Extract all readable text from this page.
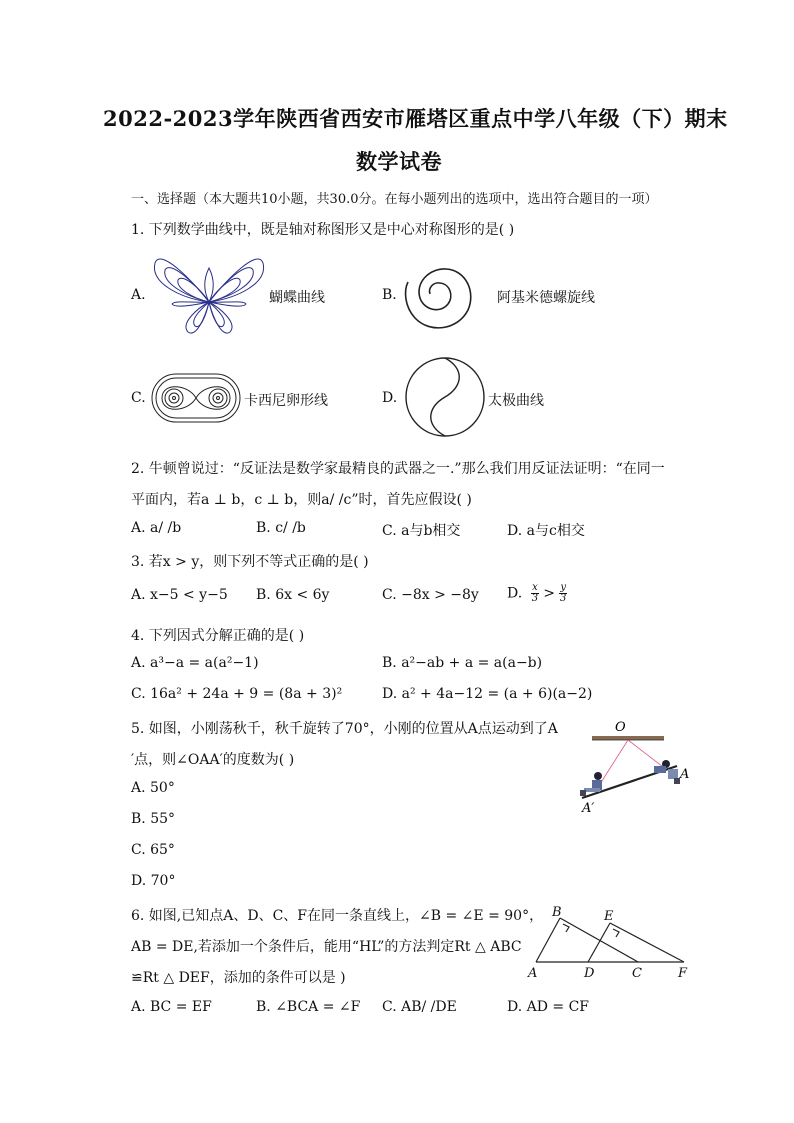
2022-2023学年陕西省西安市雁塔区重点中学八年级（下）期末
数学试卷
一、选择题（本大题共10小题，共30.0分。在每小题列出的选项中，选出符合题目的一项）
1. 下列数学曲线中，既是轴对称图形又是中心对称图形的是( )
A.	蝴蝶曲线	B.	阿基米德螺旋线
C.	卡西尼卵形线	D.	太极曲线
2. 牛顿曾说过：“反证法是数学家最精良的武器之一.”那么我们用反证法证明：“在同一
平面内，若a ⊥ b，c ⊥ b，则a/ /c”时，首先应假设( )
A. a/ /b	B. c/ /b	C. a与b相交	D. a与c相交
3. 若x > y，则下列不等式正确的是( )
A. x−5 < y−5 B. 6x < 6y	C. −8x > −8y D. $\frac{x}{3} > \frac{y}{3}$
4. 下列因式分解正确的是( )
A. a³−a = a(a²−1)	B. a²−ab + a = a(a−b)
C. 16a² + 24a + 9 = (8a + 3)²	D. a² + 4a−12 = (a + 6)(a−2)
5. 如图，小刚荡秋千，秋千旋转了70°，小刚的位置从A点运动到了A
′点，则∠OAA′的度数为( )
A. 50°
B. 55°
C. 65°
D. 70°
O
A
A′
6. 如图,已知点A、D、C、F在同一条直线上，∠B = ∠E = 90°，
AB = DE,若添加一个条件后，能用“HL”的方法判定Rt △ ABC
≌Rt △ DEF，添加的条件可以是 )
A. BC = EF	B. ∠BCA = ∠F C. AB/ /DE	D. AD = CF
B	E
A	D	C	F
